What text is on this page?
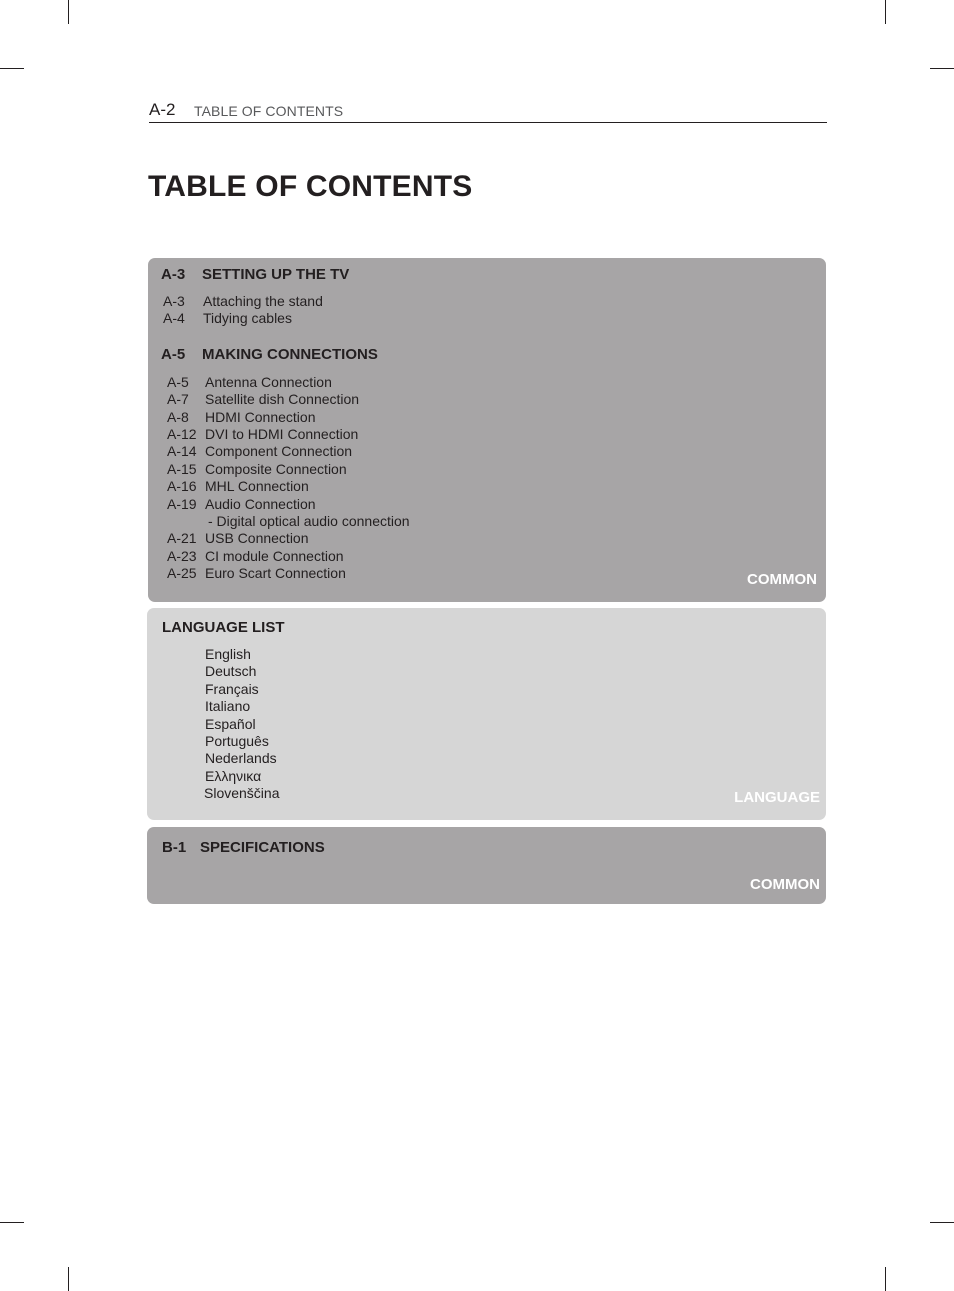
A-2 TABLE OF CONTENTS
TABLE OF CONTENTS
A-3 SETTING UP THE TV
A-3 Attaching the stand
A-4 Tidying cables
A-5 MAKING CONNECTIONS
A-5 Antenna Connection
A-7 Satellite dish Connection
A-8 HDMI Connection
A-12 DVI to HDMI Connection
A-14 Component Connection
A-15 Composite Connection
A-16 MHL Connection
A-19 Audio Connection
- Digital optical audio connection
A-21 USB Connection
A-23 CI module Connection
A-25 Euro Scart Connection	COMMON
LANGUAGE LIST
English
Deutsch
Français
Italiano
Español
Português
Nederlands
Ελληνικα
Slovenščina	LANGUAGE
B-1 SPECIFICATIONS
COMMON
